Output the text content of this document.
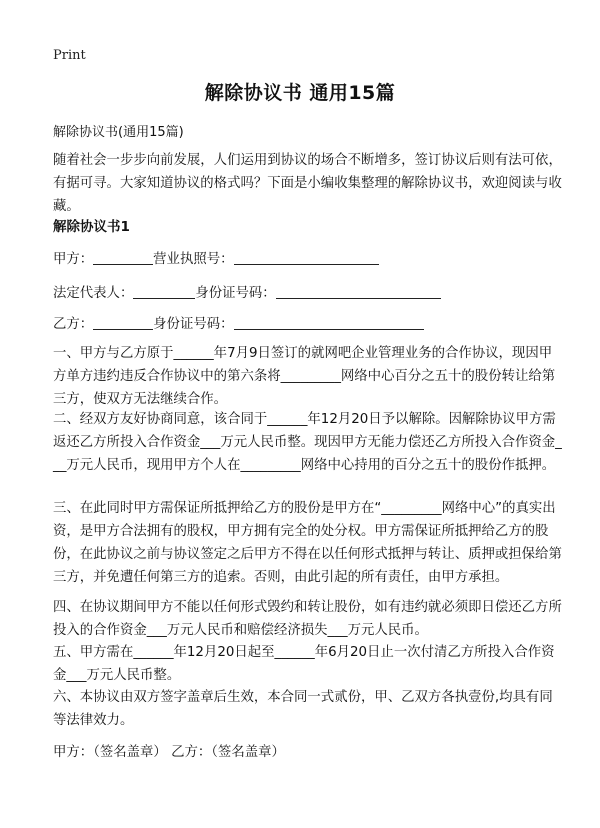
Print
解除协议书 通用15篇
解除协议书(通用15篇)
随着社会一步步向前发展，人们运用到协议的场合不断增多，签订协议后则有法可依，有据可寻。大家知道协议的格式吗？下面是小编收集整理的解除协议书，欢迎阅读与收藏。
解除协议书1
甲方：	营业执照号：
法定代表人：	身份证号码：
乙方：	身份证号码：
一、甲方与乙方原于______年7月9日签订的就网吧企业管理业务的合作协议，现因甲方单方违约违反合作协议中的第六条将_________网络中心百分之五十的股份转让给第三方，使双方无法继续合作。
二、经双方友好协商同意，该合同于______年12月20日予以解除。因解除协议甲方需返还乙方所投入合作资金___万元人民币整。现因甲方无能力偿还乙方所投入合作资金___万元人民币，现用甲方个人在_________网络中心持用的百分之五十的股份作抵押。
三、在此同时甲方需保证所抵押给乙方的股份是甲方在“_________网络中心”的真实出资，是甲方合法拥有的股权，甲方拥有完全的处分权。甲方需保证所抵押给乙方的股份，在此协议之前与协议签定之后甲方不得在以任何形式抵押与转让、质押或担保给第三方，并免遭任何第三方的追索。否则，由此引起的所有责任，由甲方承担。
四、在协议期间甲方不能以任何形式毁约和转让股份，如有违约就必须即日偿还乙方所投入的合作资金___万元人民币和赔偿经济损失___万元人民币。
五、甲方需在______年12月20日起至______年6月20日止一次付清乙方所投入合作资金___万元人民币整。
六、本协议由双方签字盖章后生效，本合同一式贰份，甲、乙双方各执壹份,均具有同等法律效力。
甲方：（签名盖章） 乙方：（签名盖章）
